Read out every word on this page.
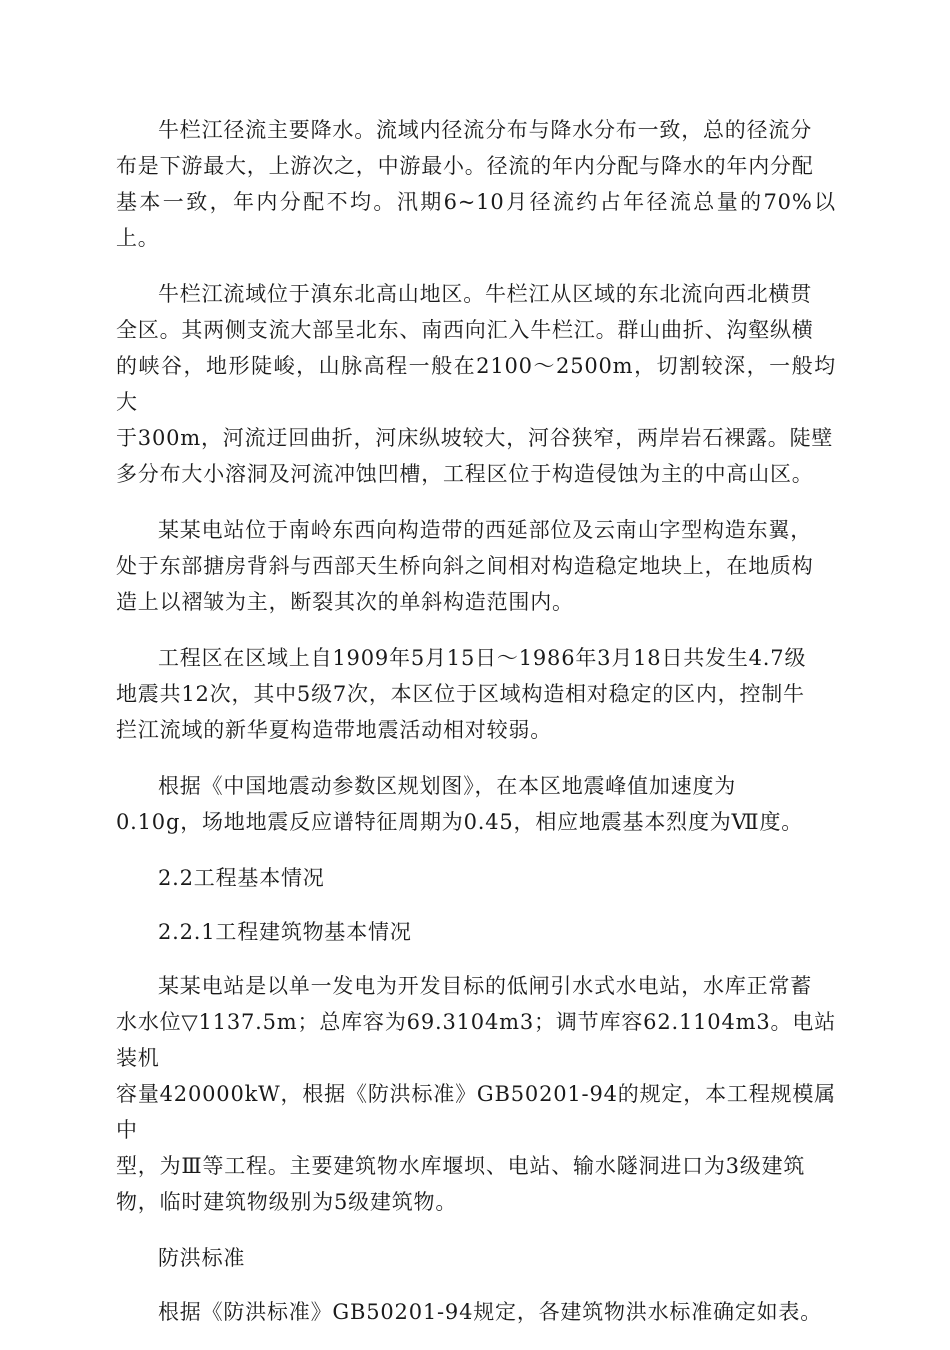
牛栏江径流主要降水。流域内径流分布与降水分布一致，总的径流分
布是下游最大，上游次之，中游最小。径流的年内分配与降水的年内分配
基本一致，年内分配不均。汛期6~10月径流约占年径流总量的70%以上。

牛栏江流域位于滇东北高山地区。牛栏江从区域的东北流向西北横贯
全区。其两侧支流大部呈北东、南西向汇入牛栏江。群山曲折、沟壑纵横
的峡谷，地形陡峻，山脉高程一般在2100～2500m，切割较深，一般均大
于300m，河流迂回曲折，河床纵坡较大，河谷狭窄，两岸岩石裸露。陡壁
多分布大小溶洞及河流冲蚀凹槽，工程区位于构造侵蚀为主的中高山区。

某某电站位于南岭东西向构造带的西延部位及云南山字型构造东翼，
处于东部搪房背斜与西部天生桥向斜之间相对构造稳定地块上，在地质构
造上以褶皱为主，断裂其次的单斜构造范围内。

工程区在区域上自1909年5月15日～1986年3月18日共发生4.7级
地震共12次，其中5级7次，本区位于区域构造相对稳定的区内，控制牛
拦江流域的新华夏构造带地震活动相对较弱。

根据《中国地震动参数区规划图》，在本区地震峰值加速度为
0.10g，场地地震反应谱特征周期为0.45，相应地震基本烈度为Ⅶ度。

2.2工程基本情况

2.2.1工程建筑物基本情况

某某电站是以单一发电为开发目标的低闸引水式水电站，水库正常蓄
水水位▽1137.5m；总库容为69.3104m3；调节库容62.1104m3。电站装机
容量420000kW，根据《防洪标准》GB50201-94的规定，本工程规模属中
型，为Ⅲ等工程。主要建筑物水库堰坝、电站、输水隧洞进口为3级建筑
物，临时建筑物级别为5级建筑物。

防洪标准

根据《防洪标准》GB50201-94规定，各建筑物洪水标准确定如表。
